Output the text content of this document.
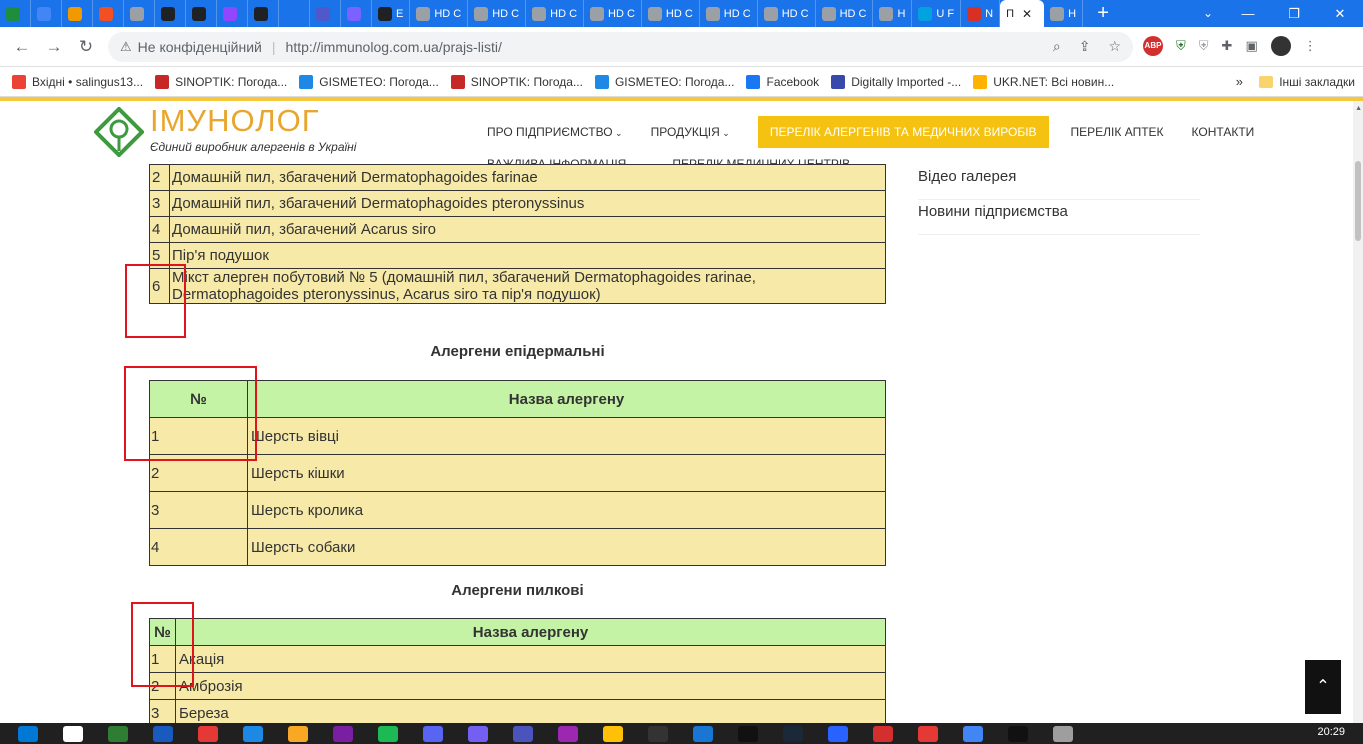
E	HD C	HD C	HD C	HD C	HD C	HD C	HD C	HD C	H	U F	N П ✕	H	+	⌄	—	❐	✕
← → ↻	⚠ Не конфіденційний | http://immunolog.com.ua/prajs-listi/	⌕ ⇪ ☆	ABP ⛨ ⛨ ✚ ▣	⋮
Вхідні • salingus13...	SINOPTIK: Погода...	GISMETEO: Погода...	SINOPTIK: Погода...	GISMETEO: Погода...	Facebook	Digitally Imported -...	UKR.NET: Всі новин...	»	Інші закладки
ІМУНОЛОГ
Єдиний виробник алергенів в Україні
ПРО ПІДПРИЄМСТВО ⌄ ПРОДУКЦІЯ ⌄	ПЕРЕЛІК АЛЕРГЕНІВ ТА МЕДИЧНИХ ВИРОБІВ	ПЕРЕЛІК АПТЕК КОНТАКТИ
Відео галерея
Новини підприємства
2	Домашній пил, збагачений Dermatophagoides farinae
3	Домашній пил, збагачений Dermatophagoides pteronyssinus
4	Домашній пил, збагачений Acarus siro
5	Пір'я подушок
6	Мікст алерген побутовий № 5 (домашній пил, збагачений Dermatophagoides rarinae, Dermatophagoides pteronyssinus, Acarus siro та пір'я подушок)
Алергени епідермальні
№	Назва алергену
1	Шерсть вівці
2	Шерсть кішки
3	Шерсть кролика
4	Шерсть собаки
Алергени пилкові
№	Назва алергену
1	Акація
2	Амброзія
3	Береза
⌃
▲
20:29
